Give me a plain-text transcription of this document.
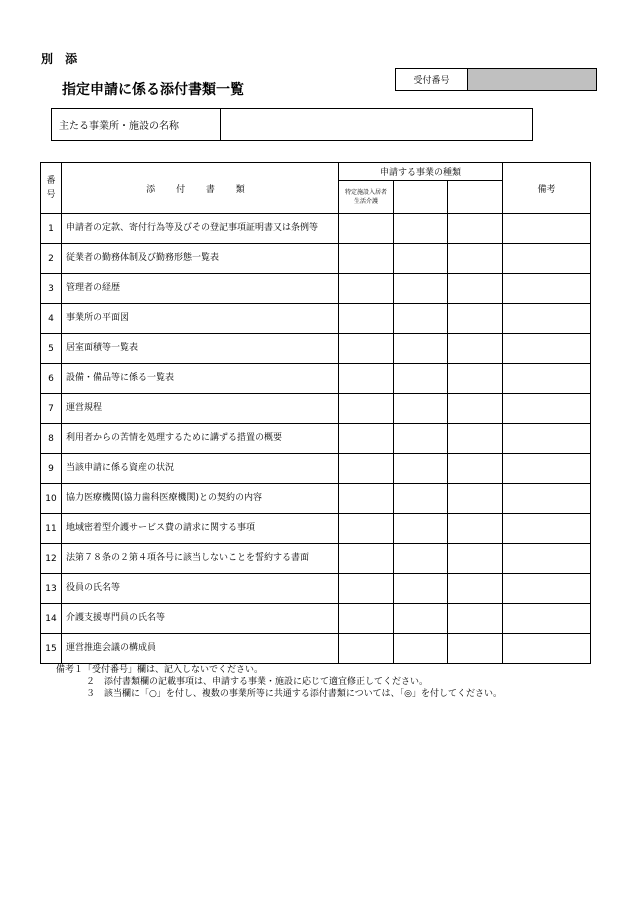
別 添
指定申請に係る添付書類一覧
受付番号
主たる事業所・施設の名称
番
号	添 付 書 類	申請する事業の種類			備考

		特定施設入居者
生活介護			

1	申請者の定款、寄付行為等及びその登記事項証明書又は条例等				
2	従業者の勤務体制及び勤務形態一覧表				
3	管理者の経歴				
4	事業所の平面図				
5	居室面積等一覧表				
6	設備・備品等に係る一覧表				
7	運営規程				
8	利用者からの苦情を処理するために講ずる措置の概要				
9	当該申請に係る資産の状況				
10	協力医療機関(協力歯科医療機関)との契約の内容				
11	地域密着型介護サービス費の請求に関する事項				
12	法第７８条の２第４項各号に該当しないことを誓約する書面				
13	役員の氏名等				
14	介護支援専門員の氏名等				
15	運営推進会議の構成員				
備考１「受付番号」欄は、記入しないでください。
２　添付書類欄の記載事項は、申請する事業・施設に応じて適宜修正してください。
３　該当欄に「○」を付し、複数の事業所等に共通する添付書類については、「◎」を付してください。
